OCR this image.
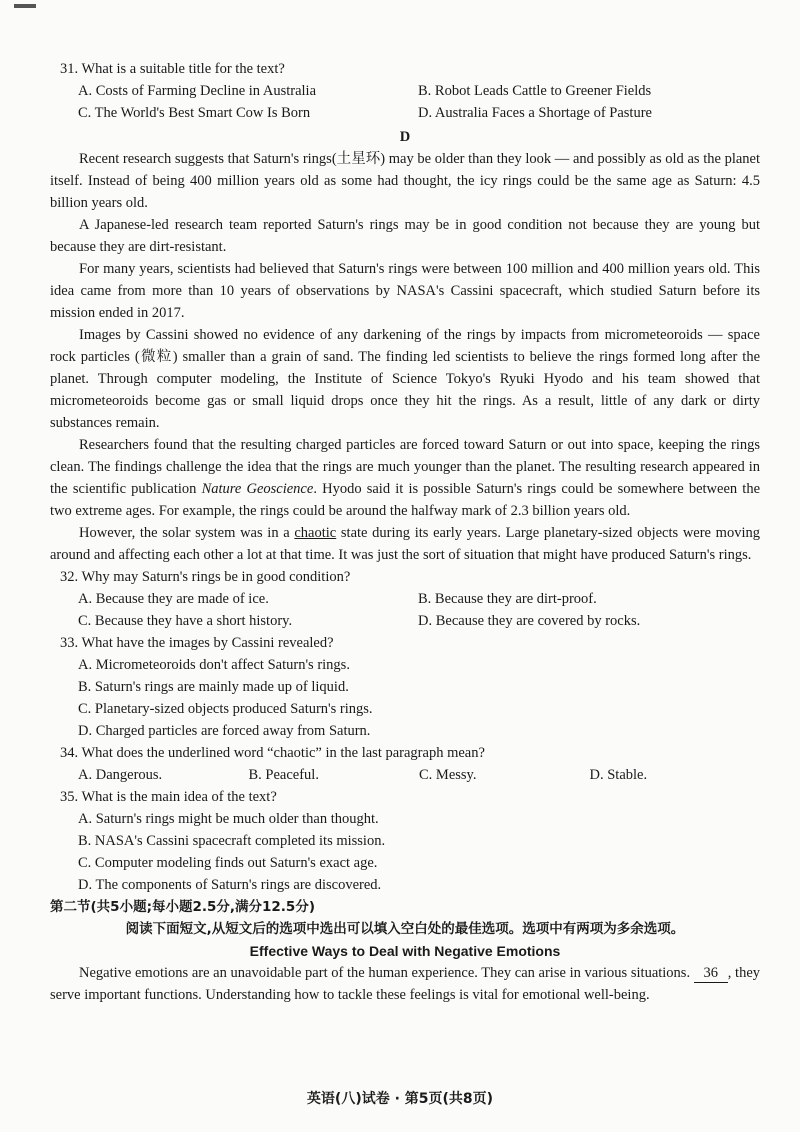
31. What is a suitable title for the text?
A. Costs of Farming Decline in Australia	B. Robot Leads Cattle to Greener Fields
C. The World's Best Smart Cow Is Born	D. Australia Faces a Shortage of Pasture
D

Recent research suggests that Saturn's rings(土星环) may be older than they look — and possibly as old as the planet itself. Instead of being 400 million years old as some had thought, the icy rings could be the same age as Saturn: 4.5 billion years old.

A Japanese-led research team reported Saturn's rings may be in good condition not because they are young but because they are dirt-resistant.

For many years, scientists had believed that Saturn's rings were between 100 million and 400 million years old. This idea came from more than 10 years of observations by NASA's Cassini spacecraft, which studied Saturn before its mission ended in 2017.

Images by Cassini showed no evidence of any darkening of the rings by impacts from micrometeoroids — space rock particles (微粒) smaller than a grain of sand. The finding led scientists to believe the rings formed long after the planet. Through computer modeling, the Institute of Science Tokyo's Ryuki Hyodo and his team showed that micrometeoroids become gas or small liquid drops once they hit the rings. As a result, little of any dark or dirty substances remain.

Researchers found that the resulting charged particles are forced toward Saturn or out into space, keeping the rings clean. The findings challenge the idea that the rings are much younger than the planet. The resulting research appeared in the scientific publication Nature Geoscience. Hyodo said it is possible Saturn's rings could be somewhere between the two extreme ages. For example, the rings could be around the halfway mark of 2.3 billion years old.

However, the solar system was in a chaotic state during its early years. Large planetary-sized objects were moving around and affecting each other a lot at that time. It was just the sort of situation that might have produced Saturn's rings.

32. Why may Saturn's rings be in good condition?
A. Because they are made of ice.	B. Because they are dirt-proof.
C. Because they have a short history.	D. Because they are covered by rocks.
33. What have the images by Cassini revealed?
A. Micrometeoroids don't affect Saturn's rings.
B. Saturn's rings are mainly made up of liquid.
C. Planetary-sized objects produced Saturn's rings.
D. Charged particles are forced away from Saturn.
34. What does the underlined word “chaotic” in the last paragraph mean?
A. Dangerous.	B. Peaceful.	C. Messy.	D. Stable.
35. What is the main idea of the text?
A. Saturn's rings might be much older than thought.
B. NASA's Cassini spacecraft completed its mission.
C. Computer modeling finds out Saturn's exact age.
D. The components of Saturn's rings are discovered.
第二节(共5小题;每小题2.5分,满分12.5分)
阅读下面短文,从短文后的选项中选出可以填入空白处的最佳选项。选项中有两项为多余选项。
Effective Ways to Deal with Negative Emotions

Negative emotions are an unavoidable part of the human experience. They can arise in various situations. 36 , they serve important functions. Understanding how to tackle these feelings is vital for emotional well-being.

英语(八)试卷 · 第5页(共8页)
